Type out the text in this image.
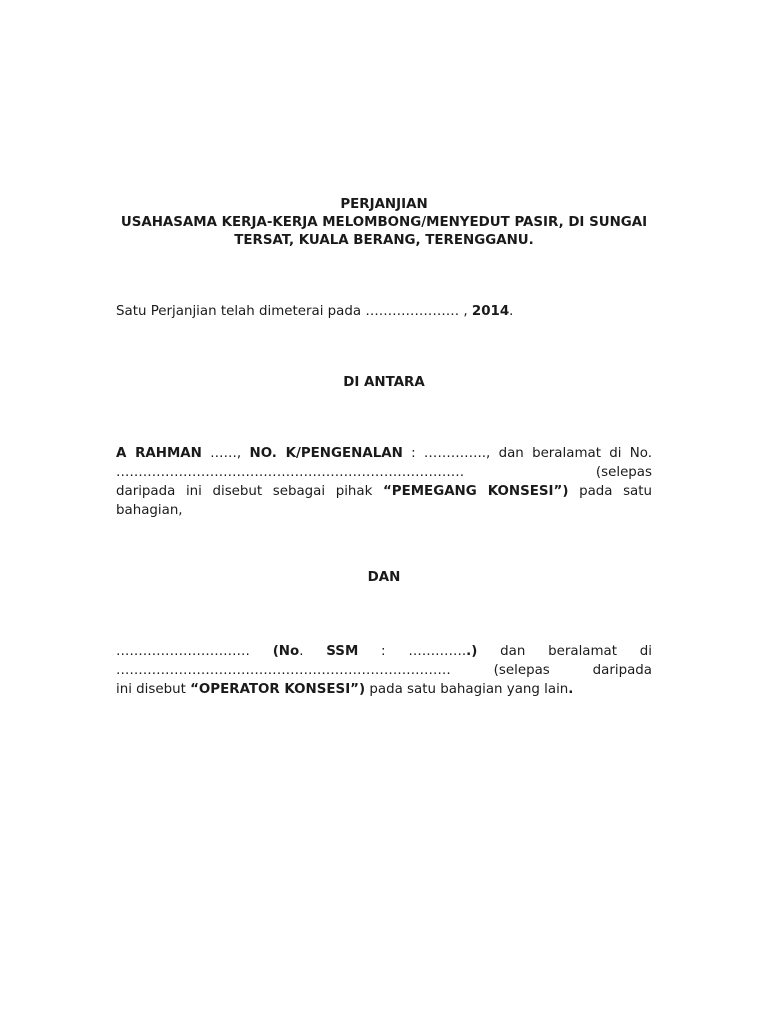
PERJANJIAN
USAHASAMA KERJA-KERJA MELOMBONG/MENYEDUT PASIR, DI SUNGAI
TERSAT, KUALA BERANG, TERENGGANU.
Satu Perjanjian telah dimeterai pada ………………… , 2014.
DI ANTARA
A RAHMAN ……, NO. K/PENGENALAN : ………….., dan beralamat di No.
……………………………………………………………………	(selepas
daripada ini disebut sebagai pihak “PEMEGANG KONSESI”) pada satu
bahagian,
DAN
………………………… (No. SSM : …………..) dan beralamat di
………………………………………………………………… (selepas daripada
ini disebut “OPERATOR KONSESI”) pada satu bahagian yang lain.
